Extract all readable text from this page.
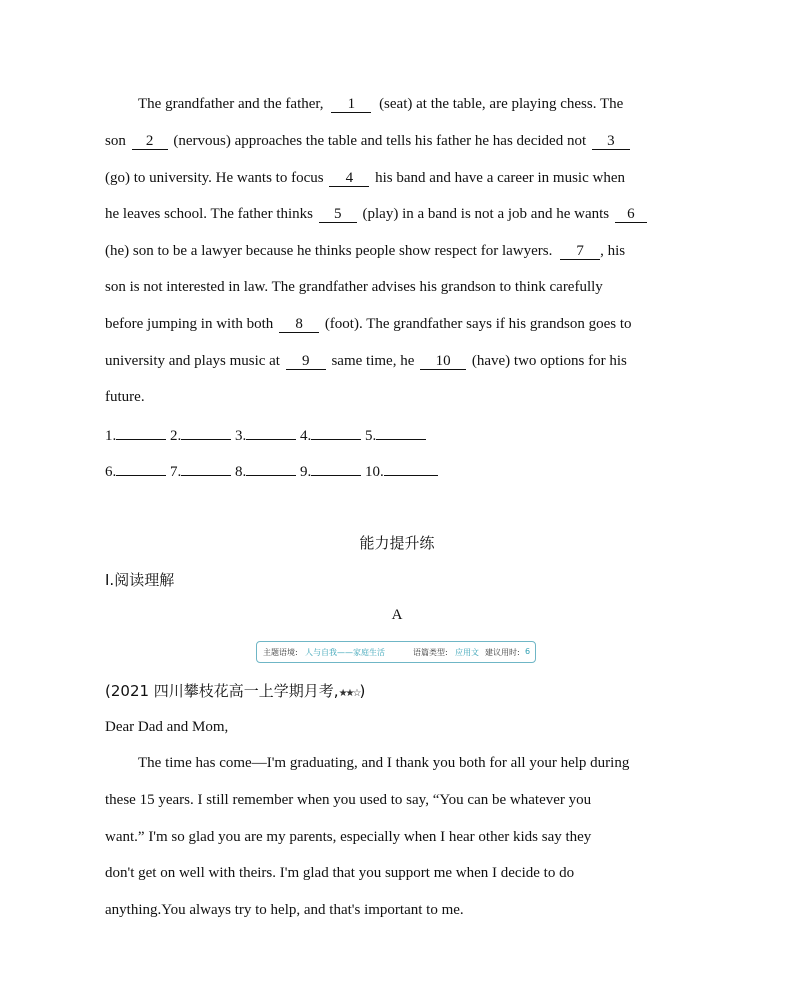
The grandfather and the father, 1 (seat) at the table, are playing chess. The
son 2 (nervous) approaches the table and tells his father he has decided not 3
(go) to university. He wants to focus 4 his band and have a career in music when
he leaves school. The father thinks 5 (play) in a band is not a job and he wants 6
(he) son to be a lawyer because he thinks people show respect for lawyers. 7 , his
son is not interested in law. The grandfather advises his grandson to think carefully
before jumping in with both 8 (foot). The grandfather says if his grandson goes to
university and plays music at 9 same time, he 10 (have) two options for his
future.
1.	2.	3.	4.	5.
6.	7.	8.	9.	10.
能力提升练
Ⅰ.阅读理解
A
主题语境: 人与自我——家庭生活	语篇类型: 应用文 建议用时: 6
(2021 四川攀枝花高一上学期月考,★★☆)
Dear Dad and Mom,
The time has come—I'm graduating, and I thank you both for all your help during
these 15 years. I still remember when you used to say, “You can be whatever you
want.” I'm so glad you are my parents, especially when I hear other kids say they
don't get on well with theirs. I'm glad that you support me when I decide to do
anything.You always try to help, and that's important to me.
